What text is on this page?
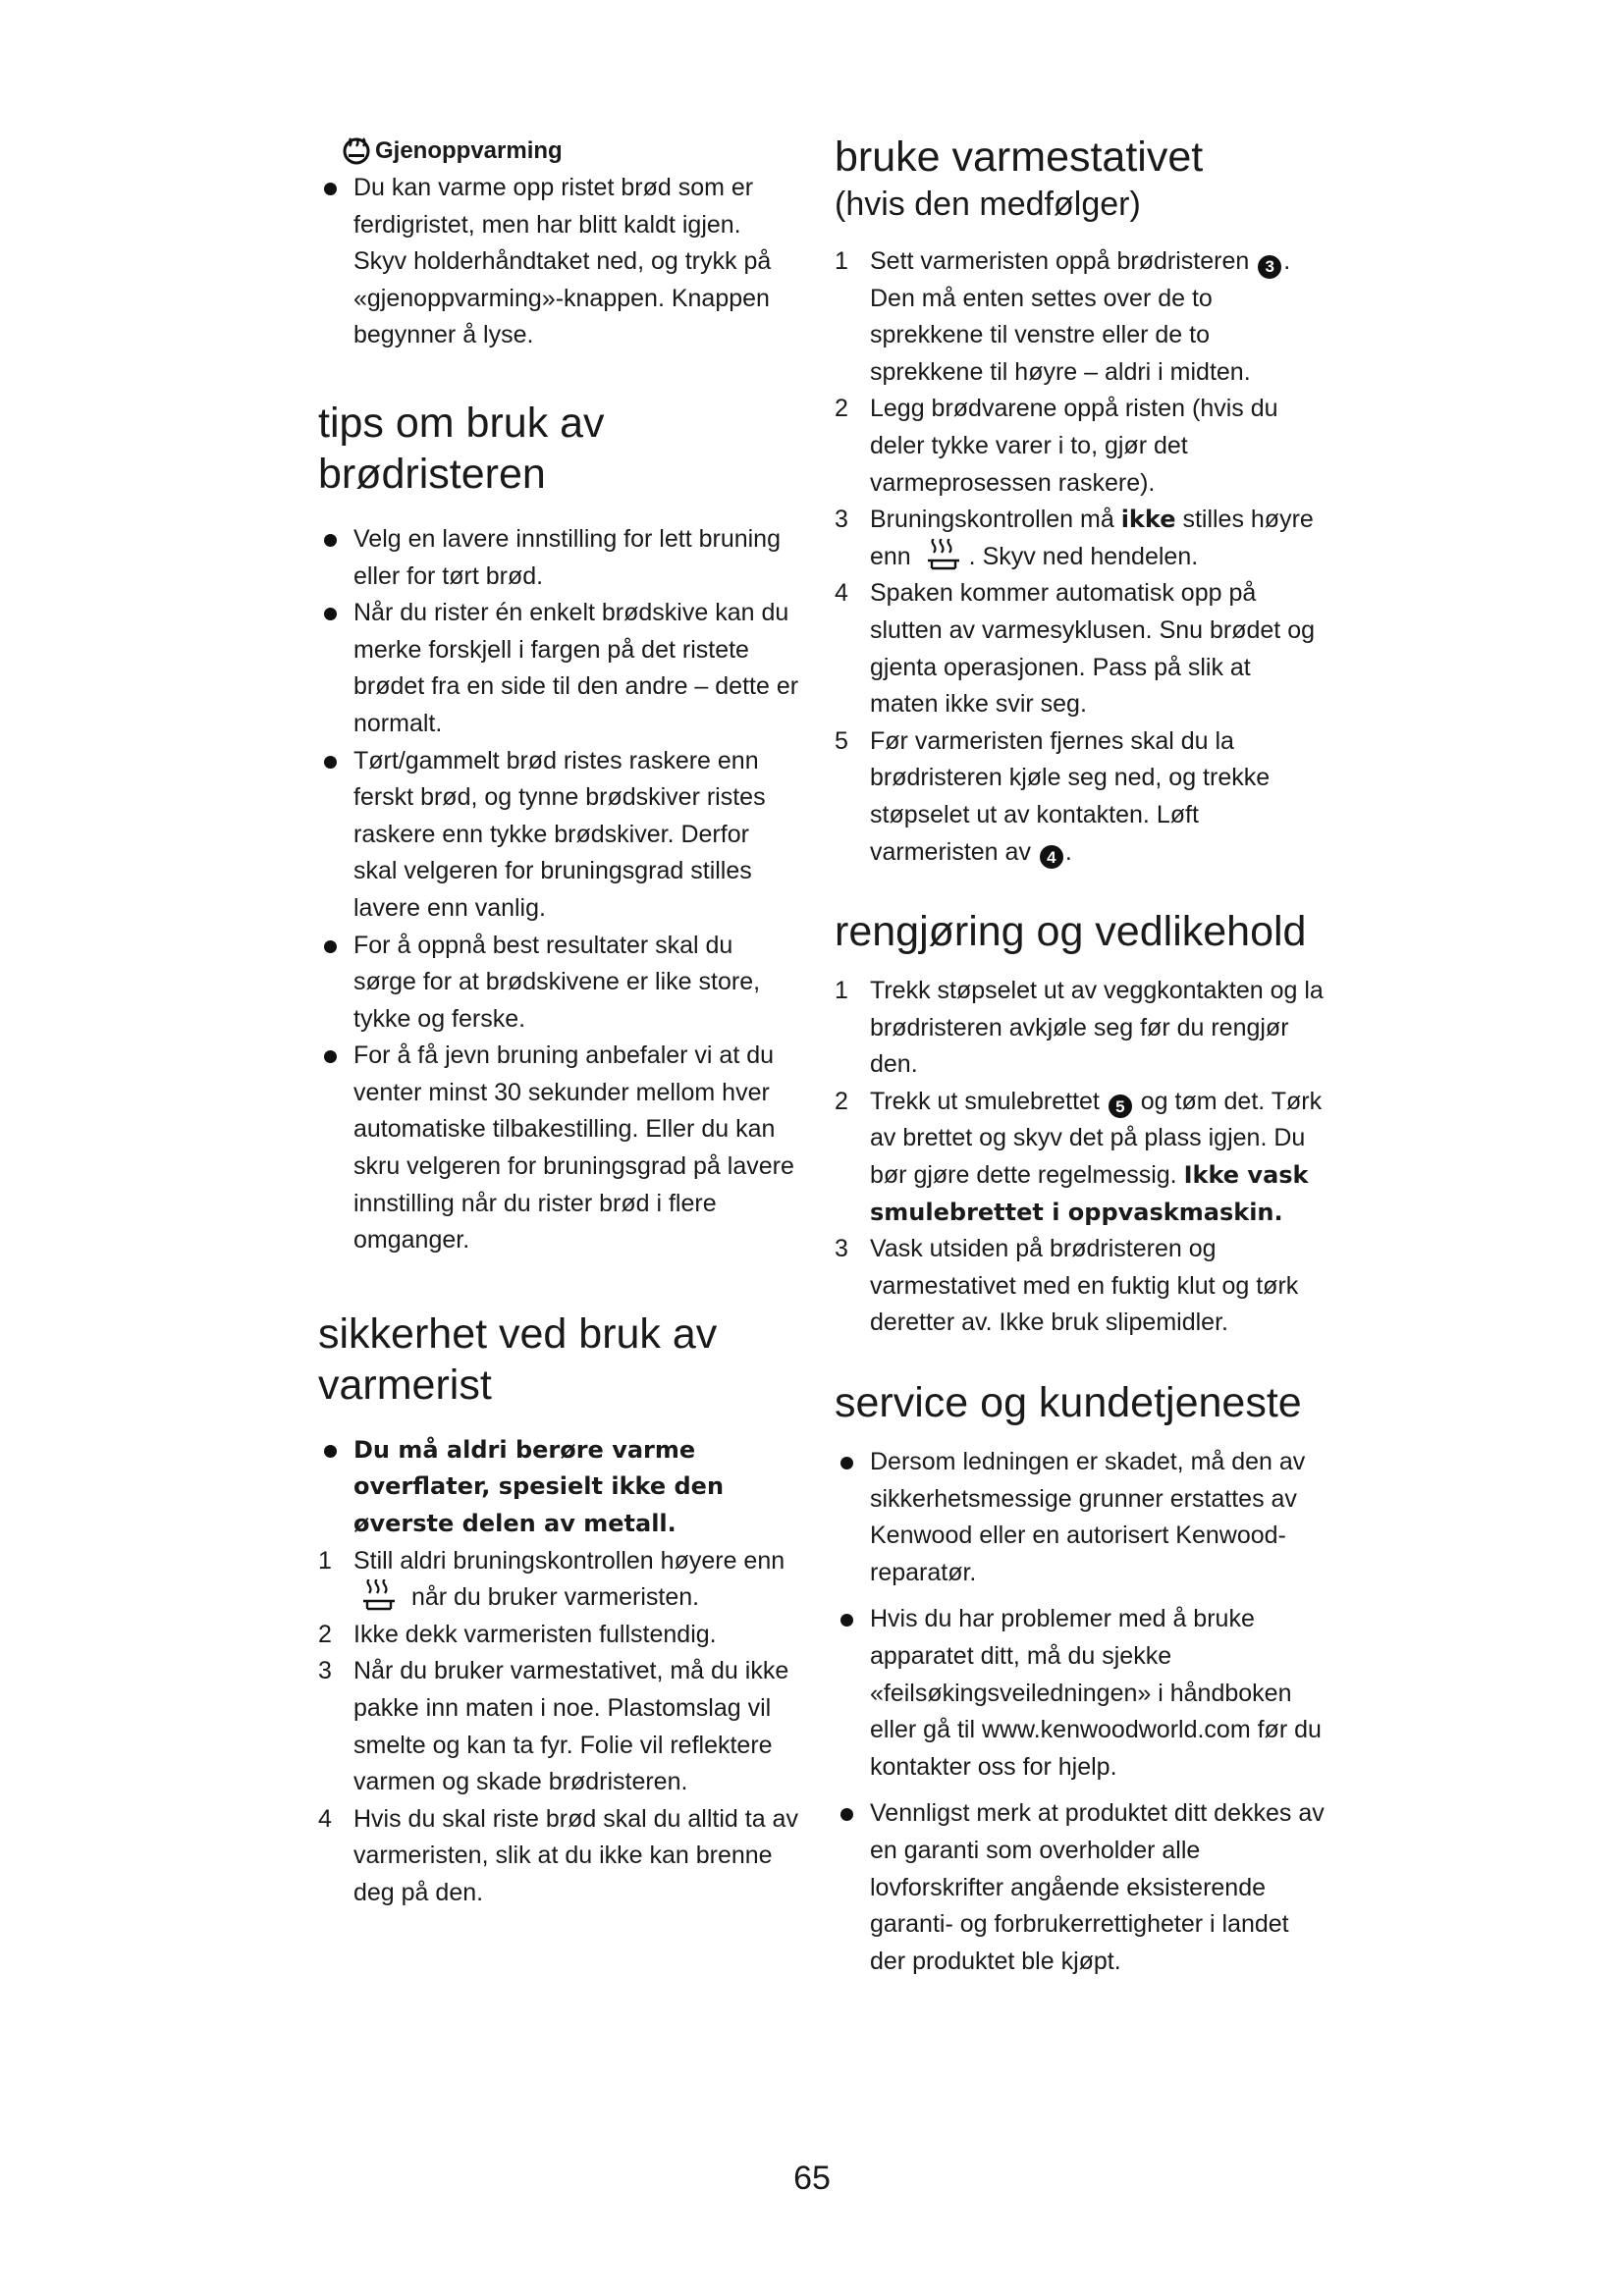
Gjenoppvarming
Du kan varme opp ristet brød som er ferdigristet, men har blitt kaldt igjen. Skyv holderhåndtaket ned, og trykk på «gjenoppvarming»-knappen. Knappen begynner å lyse.
tips om bruk av
brødristeren
Velg en lavere innstilling for lett bruning eller for tørt brød.
Når du rister én enkelt brødskive kan du merke forskjell i fargen på det ristete brødet fra en side til den andre – dette er normalt.
Tørt/gammelt brød ristes raskere enn ferskt brød, og tynne brødskiver ristes raskere enn tykke brødskiver. Derfor skal velgeren for bruningsgrad stilles lavere enn vanlig.
For å oppnå best resultater skal du sørge for at brødskivene er like store, tykke og ferske.
For å få jevn bruning anbefaler vi at du venter minst 30 sekunder mellom hver automatiske tilbakestilling. Eller du kan skru velgeren for bruningsgrad på lavere innstilling når du rister brød i flere omganger.
sikkerhet ved bruk av
varmerist
Du må aldri berøre varme overflater, spesielt ikke den øverste delen av metall.
1 Still aldri bruningskontrollen høyere enn  når du bruker varmeristen.
2 Ikke dekk varmeristen fullstendig.
3 Når du bruker varmestativet, må du ikke pakke inn maten i noe. Plastomslag vil smelte og kan ta fyr. Folie vil reflektere varmen og skade brødristeren.
4 Hvis du skal riste brød skal du alltid ta av varmeristen, slik at du ikke kan brenne deg på den.
bruke varmestativet
(hvis den medfølger)
1 Sett varmeristen oppå brødristeren 3 . Den må enten settes over de to sprekkene til venstre eller de to sprekkene til høyre – aldri i midten.
2 Legg brødvarene oppå risten (hvis du deler tykke varer i to, gjør det varmeprosessen raskere).
3 Bruningskontrollen må ikke stilles høyre enn . Skyv ned hendelen.
4 Spaken kommer automatisk opp på slutten av varmesyklusen. Snu brødet og gjenta operasjonen. Pass på slik at maten ikke svir seg.
5 Før varmeristen fjernes skal du la brødristeren kjøle seg ned, og trekke støpselet ut av kontakten. Løft varmeristen av 4 .
rengjøring og vedlikehold
1 Trekk støpselet ut av veggkontakten og la brødristeren avkjøle seg før du rengjør den.
2 Trekk ut smulebrettet 5 og tøm det. Tørk av brettet og skyv det på plass igjen. Du bør gjøre dette regelmessig. Ikke vask smulebrettet i oppvaskmaskin.
3 Vask utsiden på brødristeren og varmestativet med en fuktig klut og tørk deretter av. Ikke bruk slipemidler.
service og kundetjeneste
Dersom ledningen er skadet, må den av sikkerhetsmessige grunner erstattes av Kenwood eller en autorisert Kenwood-reparatør.
Hvis du har problemer med å bruke apparatet ditt, må du sjekke «feilsøkingsveiledningen» i håndboken eller gå til www.kenwoodworld.com før du kontakter oss for hjelp.
Vennligst merk at produktet ditt dekkes av en garanti som overholder alle lovforskrifter angående eksisterende garanti- og forbrukerrettigheter i landet der produktet ble kjøpt.
65
